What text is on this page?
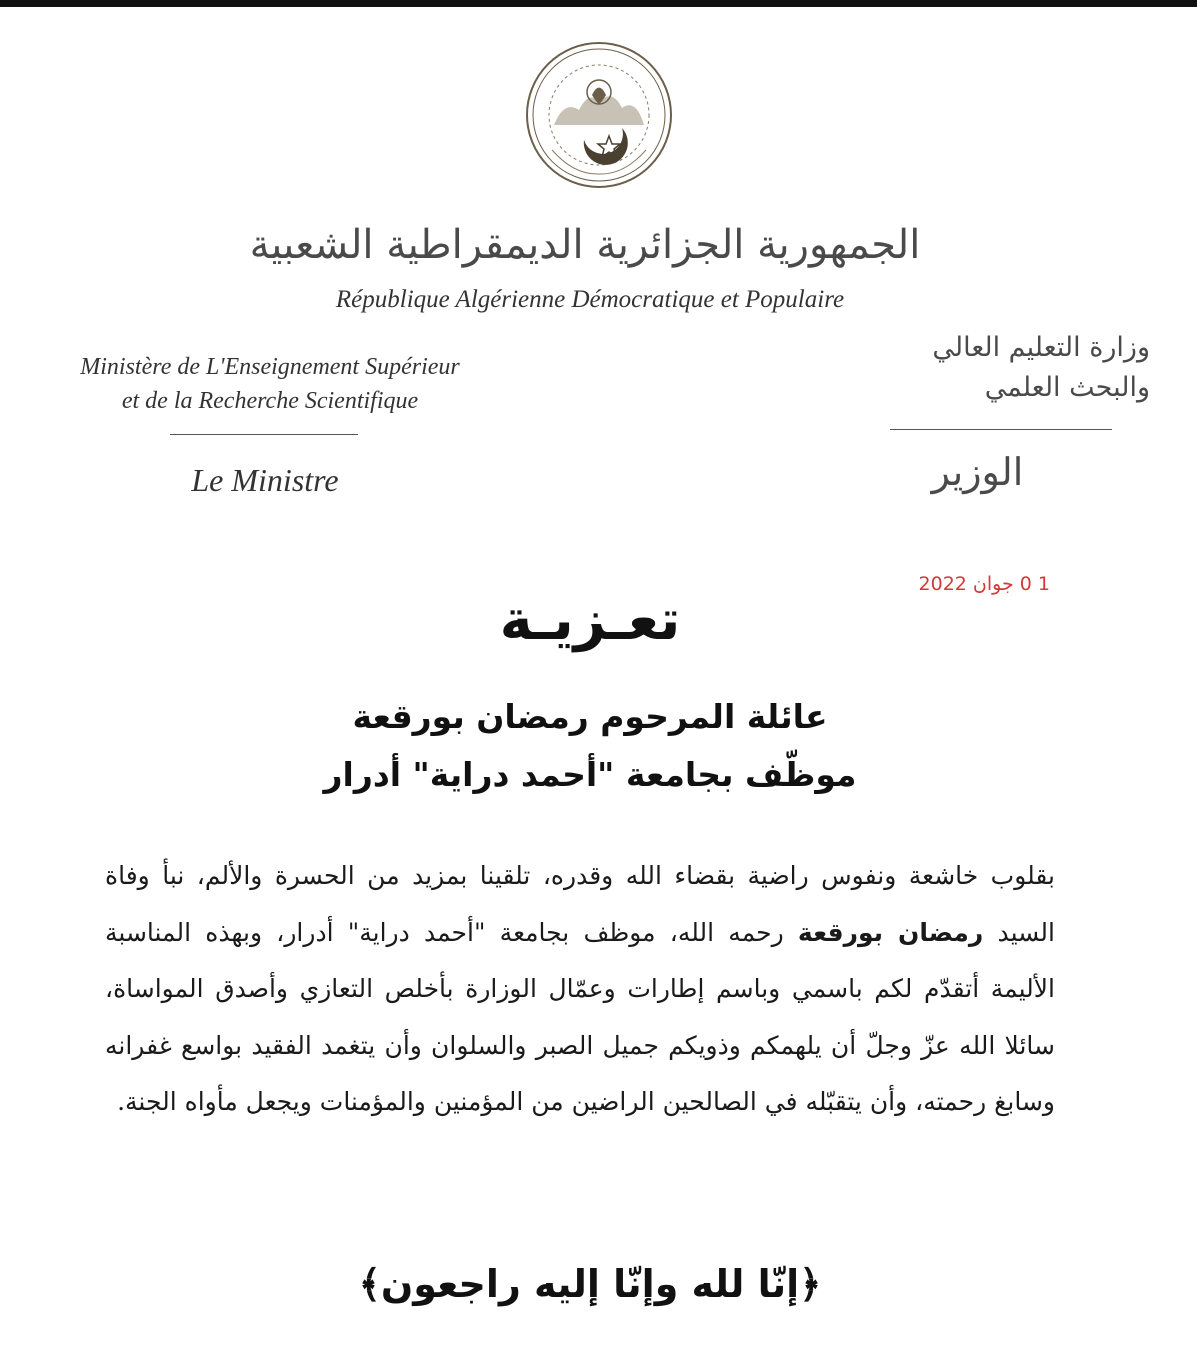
الجمهورية الجزائرية الديمقراطية الشعبية
République Algérienne Démocratique et Populaire
Ministère de L'Enseignement Supérieur
et de la Recherche Scientifique
Le Ministre
وزارة التعليم العالي
والبحث العلمي
الوزير
1 0 جوان 2022
تعـزيـة
عائلة المرحوم رمضان بورقعة
موظّف بجامعة "أحمد دراية" أدرار
بقلوب خاشعة ونفوس راضية بقضاء الله وقدره، تلقينا بمزيد من الحسرة والألم، نبأ وفاة السيد رمضان بورقعة رحمه الله، موظف بجامعة "أحمد دراية" أدرار، وبهذه المناسبة الأليمة أتقدّم لكم باسمي وباسم إطارات وعمّال الوزارة بأخلص التعازي وأصدق المواساة، سائلا الله عزّ وجلّ أن يلهمكم وذويكم جميل الصبر والسلوان وأن يتغمد الفقيد بواسع غفرانه وسابغ رحمته، وأن يتقبّله في الصالحين الراضين من المؤمنين والمؤمنات ويجعل مأواه الجنة.
﴿إنّا لله وإنّا إليه راجعون﴾
